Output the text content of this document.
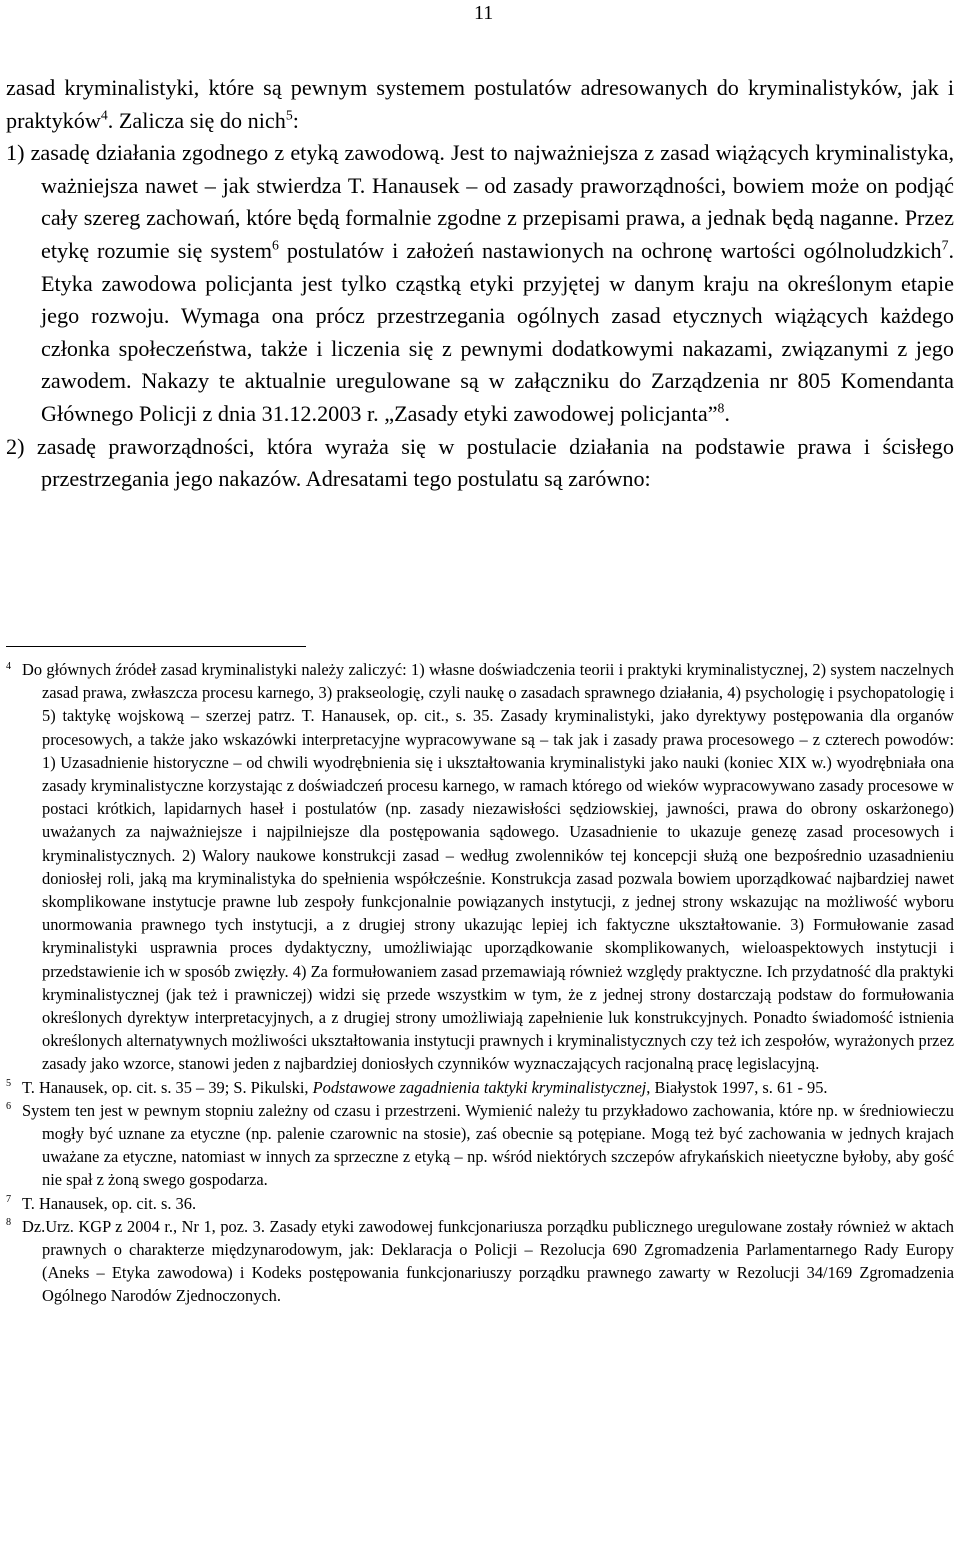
11

zasad kryminalistyki, które są pewnym systemem postulatów adresowanych do kryminalistyków, jak i praktyków$^4$. Zalicza się do nich$^5$:

1) zasadę działania zgodnego z etyką zawodową. Jest to najważniejsza z zasad wiążących kryminalistyka, ważniejsza nawet – jak stwierdza T. Hanausek – od zasady praworządności, bowiem może on podjąć cały szereg zachowań, które będą formalnie zgodne z przepisami prawa, a jednak będą naganne. Przez etykę rozumie się system$^6$ postulatów i założeń nastawionych na ochronę wartości ogólnoludzkich$^7$. Etyka zawodowa policjanta jest tylko cząstką etyki przyjętej w danym kraju na określonym etapie jego rozwoju. Wymaga ona prócz przestrzegania ogólnych zasad etycznych wiążących każdego członka społeczeństwa, także i liczenia się z pewnymi dodatkowymi nakazami, związanymi z jego zawodem. Nakazy te aktualnie uregulowane są w załączniku do Zarządzenia nr 805 Komendanta Głównego Policji z dnia 31.12.2003 r. „Zasady etyki zawodowej policjanta”$^8$.

2) zasadę praworządności, która wyraża się w postulacie działania na podstawie prawa i ścisłego przestrzegania jego nakazów. Adresatami tego postulatu są zarówno:

4 Do głównych źródeł zasad kryminalistyki należy zaliczyć: 1) własne doświadczenia teorii i praktyki kryminalistycznej, 2) system naczelnych zasad prawa, zwłaszcza procesu karnego, 3) prakseologię, czyli naukę o zasadach sprawnego działania, 4) psychologię i psychopatologię i 5) taktykę wojskową – szerzej patrz. T. Hanausek, op. cit., s. 35. Zasady kryminalistyki, jako dyrektywy postępowania dla organów procesowych, a także jako wskazówki interpretacyjne wypracowywane są – tak jak i zasady prawa procesowego – z czterech powodów: 1) Uzasadnienie historyczne – od chwili wyodrębnienia się i ukształtowania kryminalistyki jako nauki (koniec XIX w.) wyodrębniała ona zasady kryminalistyczne korzystając z doświadczeń procesu karnego, w ramach którego od wieków wypracowywano zasady procesowe w postaci krótkich, lapidarnych haseł i postulatów (np. zasady niezawisłości sędziowskiej, jawności, prawa do obrony oskarżonego) uważanych za najważniejsze i najpilniejsze dla postępowania sądowego. Uzasadnienie to ukazuje genezę zasad procesowych i kryminalistycznych. 2) Walory naukowe konstrukcji zasad – według zwolenników tej koncepcji służą one bezpośrednio uzasadnieniu doniosłej roli, jaką ma kryminalistyka do spełnienia współcześnie. Konstrukcja zasad pozwala bowiem uporządkować najbardziej nawet skomplikowane instytucje prawne lub zespoły funkcjonalnie powiązanych instytucji, z jednej strony wskazując na możliwość wyboru unormowania prawnego tych instytucji, a z drugiej strony ukazując lepiej ich faktyczne ukształtowanie. 3) Formułowanie zasad kryminalistyki usprawnia proces dydaktyczny, umożliwiając uporządkowanie skomplikowanych, wieloaspektowych instytucji i przedstawienie ich w sposób zwięzły. 4) Za formułowaniem zasad przemawiają również względy praktyczne. Ich przydatność dla praktyki kryminalistycznej (jak też i prawniczej) widzi się przede wszystkim w tym, że z jednej strony dostarczają podstaw do formułowania określonych dyrektyw interpretacyjnych, a z drugiej strony umożliwiają zapełnienie luk konstrukcyjnych. Ponadto świadomość istnienia określonych alternatywnych możliwości ukształtowania instytucji prawnych i kryminalistycznych czy też ich zespołów, wyrażonych przez zasady jako wzorce, stanowi jeden z najbardziej doniosłych czynników wyznaczających racjonalną pracę legislacyjną.

5 T. Hanausek, op. cit. s. 35 – 39; S. Pikulski, Podstawowe zagadnienia taktyki kryminalistycznej, Białystok 1997, s. 61 - 95.

6 System ten jest w pewnym stopniu zależny od czasu i przestrzeni. Wymienić należy tu przykładowo zachowania, które np. w średniowieczu mogły być uznane za etyczne (np. palenie czarownic na stosie), zaś obecnie są potępiane. Mogą też być zachowania w jednych krajach uważane za etyczne, natomiast w innych za sprzeczne z etyką – np. wśród niektórych szczepów afrykańskich nieetyczne byłoby, aby gość nie spał z żoną swego gospodarza.

7 T. Hanausek, op. cit. s. 36.

8 Dz.Urz. KGP z 2004 r., Nr 1, poz. 3. Zasady etyki zawodowej funkcjonariusza porządku publicznego uregulowane zostały również w aktach prawnych o charakterze międzynarodowym, jak: Deklaracja o Policji – Rezolucja 690 Zgromadzenia Parlamentarnego Rady Europy (Aneks – Etyka zawodowa) i Kodeks postępowania funkcjonariuszy porządku prawnego zawarty w Rezolucji 34/169 Zgromadzenia Ogólnego Narodów Zjednoczonych.
